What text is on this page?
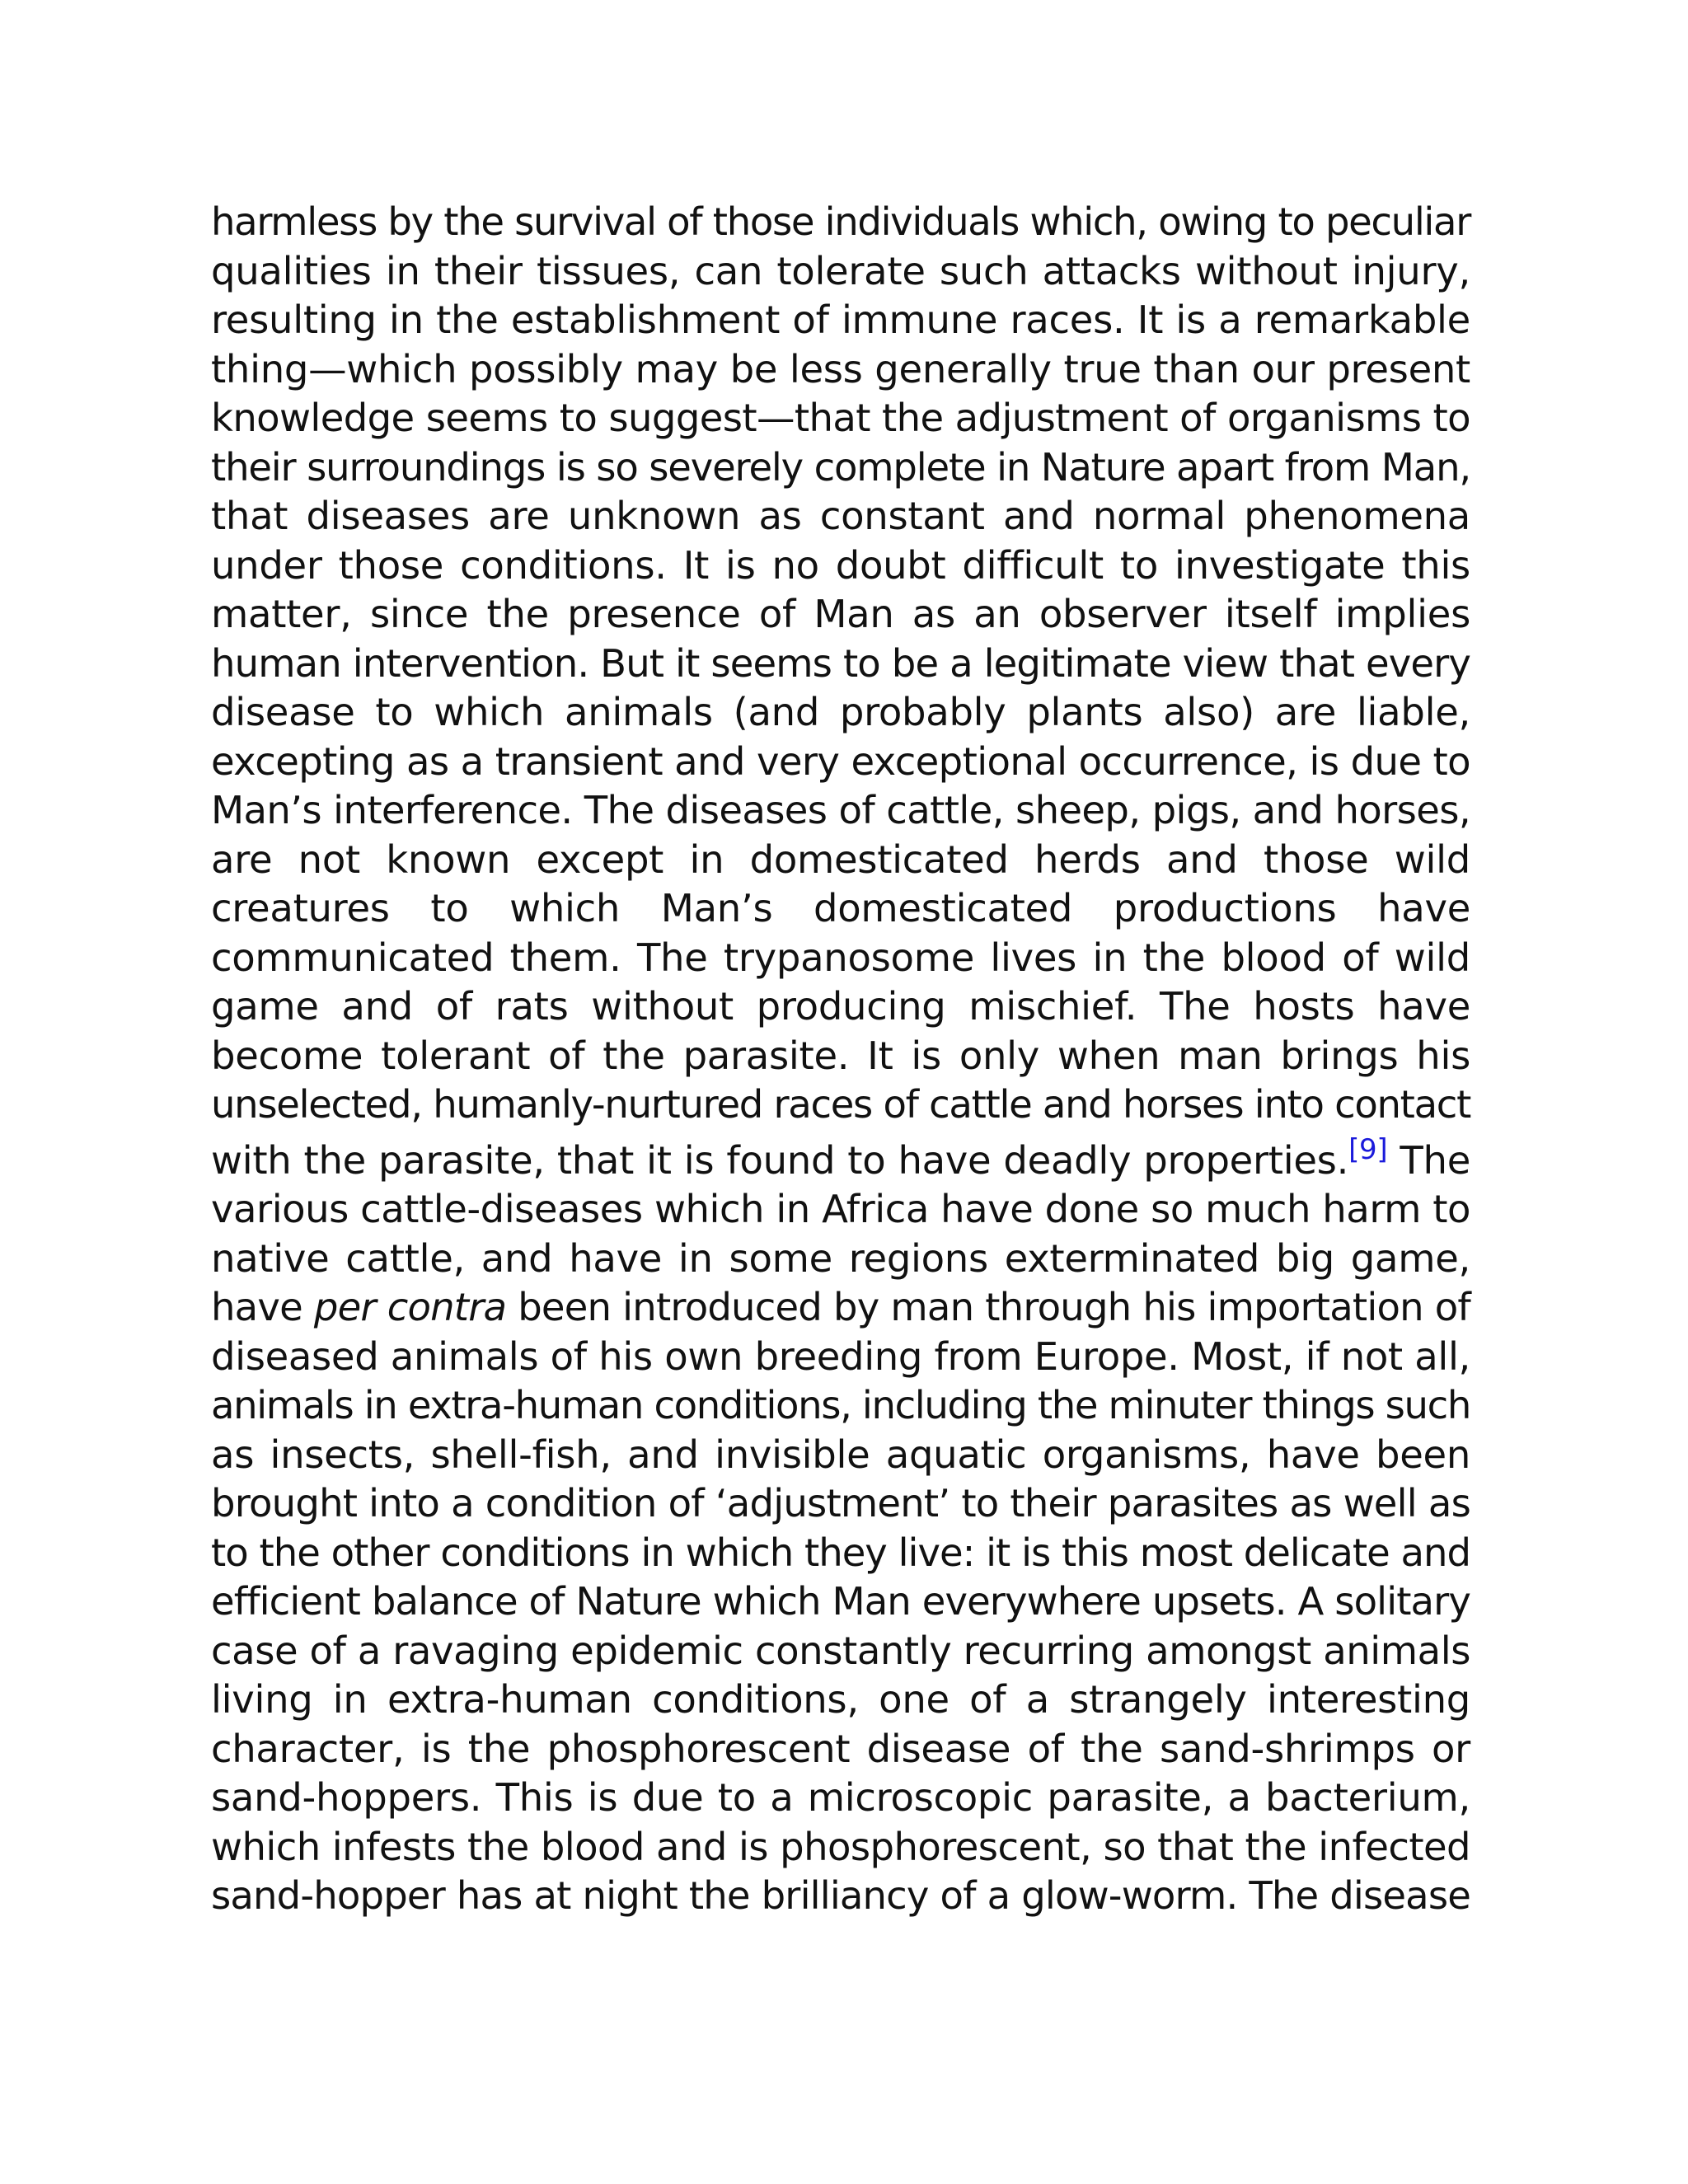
harmless by the survival of those individuals which, owing to peculiar
qualities in their tissues, can tolerate such attacks without injury,
resulting in the establishment of immune races. It is a remarkable
thing—which possibly may be less generally true than our present
knowledge seems to suggest—that the adjustment of organisms to
their surroundings is so severely complete in Nature apart from Man,
that diseases are unknown as constant and normal phenomena
under those conditions. It is no doubt difficult to investigate this
matter, since the presence of Man as an observer itself implies
human intervention. But it seems to be a legitimate view that every
disease to which animals (and probably plants also) are liable,
excepting as a transient and very exceptional occurrence, is due to
Man’s interference. The diseases of cattle, sheep, pigs, and horses,
are not known except in domesticated herds and those wild
creatures to which Man’s domesticated productions have
communicated them. The trypanosome lives in the blood of wild
game and of rats without producing mischief. The hosts have
become tolerant of the parasite. It is only when man brings his
unselected, humanly-nurtured races of cattle and horses into contact
with the parasite, that it is found to have deadly properties.[9] The
various cattle-diseases which in Africa have done so much harm to
native cattle, and have in some regions exterminated big game,
have per contra been introduced by man through his importation of
diseased animals of his own breeding from Europe. Most, if not all,
animals in extra-human conditions, including the minuter things such
as insects, shell-fish, and invisible aquatic organisms, have been
brought into a condition of ‘adjustment’ to their parasites as well as
to the other conditions in which they live: it is this most delicate and
efficient balance of Nature which Man everywhere upsets. A solitary
case of a ravaging epidemic constantly recurring amongst animals
living in extra-human conditions, one of a strangely interesting
character, is the phosphorescent disease of the sand-shrimps or
sand-hoppers. This is due to a microscopic parasite, a bacterium,
which infests the blood and is phosphorescent, so that the infected
sand-hopper has at night the brilliancy of a glow-worm. The disease
